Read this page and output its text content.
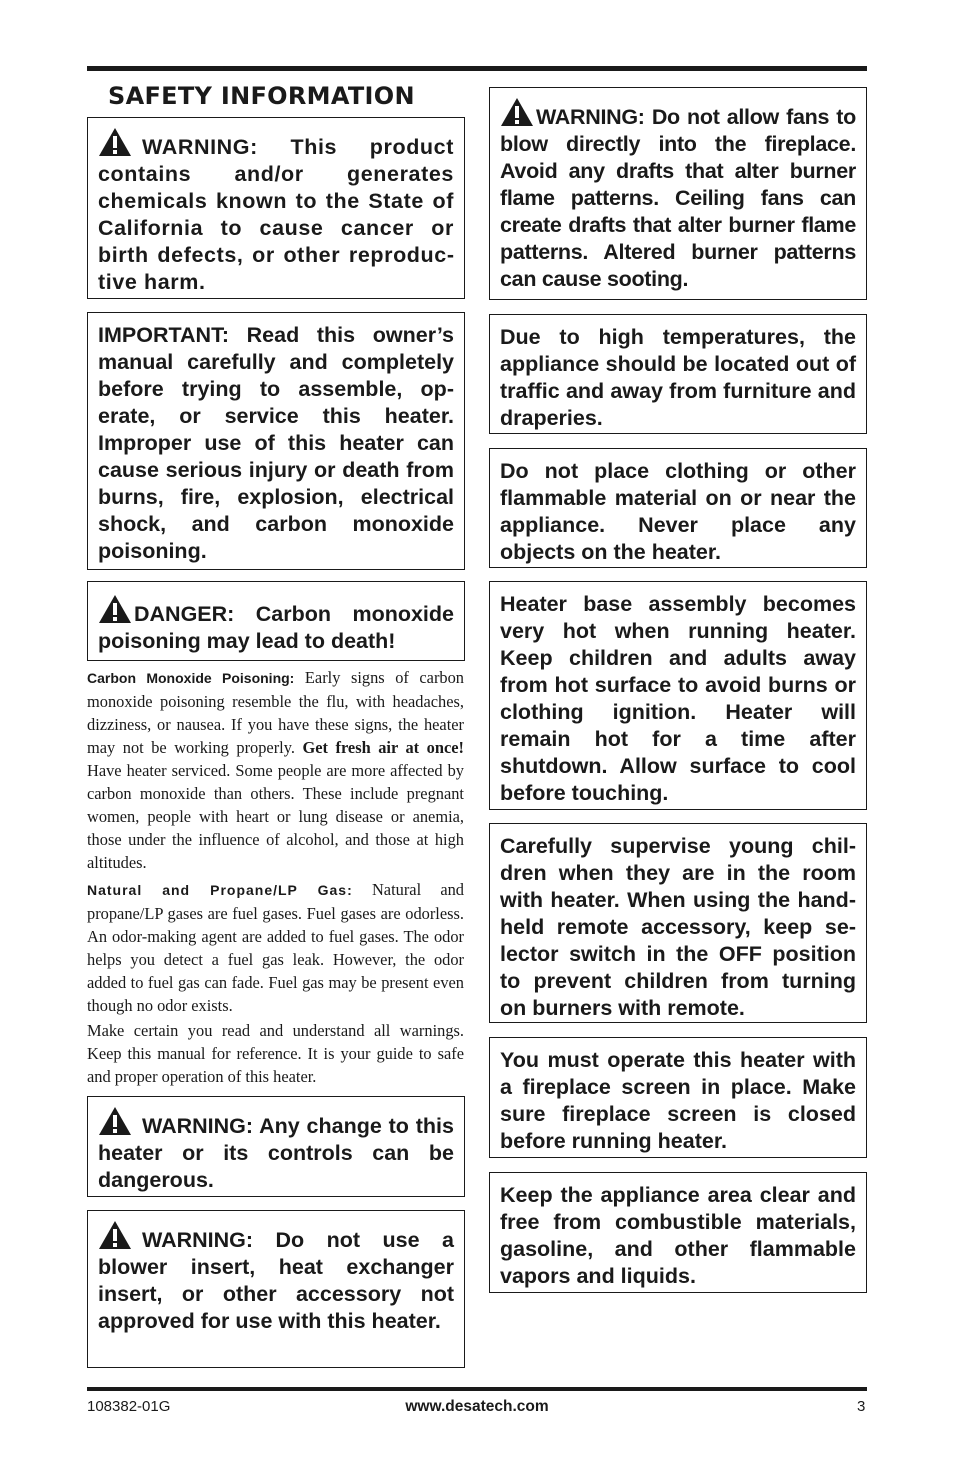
SAFETY INFORMATION
WARNING: This product contains and/or generates chemicals known to the State of California to cause cancer or birth defects, or other reproductive harm.
IMPORTANT: Read this owner’s manual carefully and completely before trying to assemble, operate, or service this heater. Improper use of this heater can cause serious injury or death from burns, fire, explosion, electrical shock, and carbon monoxide poisoning.
DANGER: Carbon monoxide poisoning may lead to death!

Carbon Monoxide Poisoning: Early signs of carbon monoxide poisoning resemble the flu, with headaches, dizziness, or nausea. If you have these signs, the heater may not be working properly. Get fresh air at once! Have heater serviced. Some people are more affected by carbon monoxide than others. These include pregnant women, people with heart or lung disease or anemia, those under the influence of alcohol, and those at high altitudes.

Natural and Propane/LP Gas: Natural and propane/LP gases are fuel gases. Fuel gases are odorless. An odor-making agent are added to fuel gases. The odor helps you detect a fuel gas leak. However, the odor added to fuel gas can fade. Fuel gas may be present even though no odor exists.

Make certain you read and understand all warnings. Keep this manual for reference. It is your guide to safe and proper operation of this heater.

WARNING: Any change to this heater or its controls can be dangerous.
WARNING: Do not use a blower insert, heat exchanger insert, or other accessory not approved for use with this heater.
WARNING: Do not allow fans to blow directly into the fireplace. Avoid any drafts that alter burner flame patterns. Ceiling fans can create drafts that alter burner flame patterns. Altered burner patterns can cause sooting.
Due to high temperatures, the appliance should be located out of traffic and away from furniture and draperies.
Do not place clothing or other flammable material on or near the appliance. Never place any objects on the heater.
Heater base assembly becomes very hot when running heater. Keep children and adults away from hot surface to avoid burns or clothing ignition. Heater will remain hot for a time after shutdown. Allow surface to cool before touching.
Carefully supervise young children when they are in the room with heater. When using the handheld remote accessory, keep selector switch in the OFF position to prevent children from turning on burners with remote.
You must operate this heater with a fireplace screen in place. Make sure fireplace screen is closed before running heater.
Keep the appliance area clear and free from combustible materials, gasoline, and other flammable vapors and liquids.
108382-01G	www.desatech.com	3
